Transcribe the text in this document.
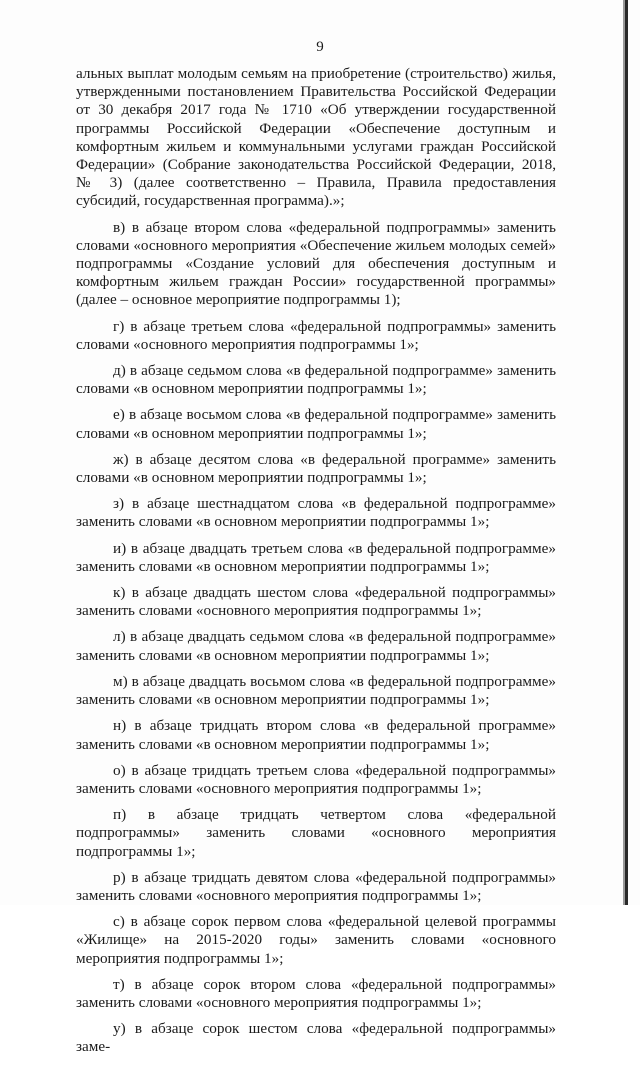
9

альных выплат молодым семьям на приобретение (строительство) жилья, утвержденными постановлением Правительства Российской Федерации от 30 декабря 2017 года № 1710 «Об утверждении государственной программы Российской Федерации «Обеспечение доступным и комфортным жильем и коммунальными услугами граждан Российской Федерации» (Собрание законодательства Российской Федерации, 2018, № 3) (далее соответственно – Правила, Правила предоставления субсидий, государственная программа).»;

в) в абзаце втором слова «федеральной подпрограммы» заменить словами «основного мероприятия «Обеспечение жильем молодых семей» подпрограммы «Создание условий для обеспечения доступным и комфортным жильем граждан России» государственной программы» (далее – основное мероприятие подпрограммы 1);

г) в абзаце третьем слова «федеральной подпрограммы» заменить словами «основного мероприятия подпрограммы 1»;

д) в абзаце седьмом слова «в федеральной подпрограмме» заменить словами «в основном мероприятии подпрограммы 1»;

е) в абзаце восьмом слова «в федеральной подпрограмме» заменить словами «в основном мероприятии подпрограммы 1»;

ж) в абзаце десятом слова «в федеральной программе» заменить словами «в основном мероприятии подпрограммы 1»;

з) в абзаце шестнадцатом слова «в федеральной подпрограмме» заменить словами «в основном мероприятии подпрограммы 1»;

и) в абзаце двадцать третьем слова «в федеральной подпрограмме» заменить словами «в основном мероприятии подпрограммы 1»;

к) в абзаце двадцать шестом слова «федеральной подпрограммы» заменить словами «основного мероприятия подпрограммы 1»;

л) в абзаце двадцать седьмом слова «в федеральной подпрограмме» заменить словами «в основном мероприятии подпрограммы 1»;

м) в абзаце двадцать восьмом слова «в федеральной подпрограмме» заменить словами «в основном мероприятии подпрограммы 1»;

н) в абзаце тридцать втором слова «в федеральной программе» заменить словами «в основном мероприятии подпрограммы 1»;

о) в абзаце тридцать третьем слова «федеральной подпрограммы» заменить словами «основного мероприятия подпрограммы 1»;

п) в абзаце тридцать четвертом слова «федеральной подпрограммы» заменить словами «основного мероприятия подпрограммы 1»;

р) в абзаце тридцать девятом слова «федеральной подпрограммы» заменить словами «основного мероприятия подпрограммы 1»;

с) в абзаце сорок первом слова «федеральной целевой программы «Жилище» на 2015-2020 годы» заменить словами «основного мероприятия подпрограммы 1»;

т) в абзаце сорок втором слова «федеральной подпрограммы» заменить словами «основного мероприятия подпрограммы 1»;

у) в абзаце сорок шестом слова «федеральной подпрограммы» заме-
